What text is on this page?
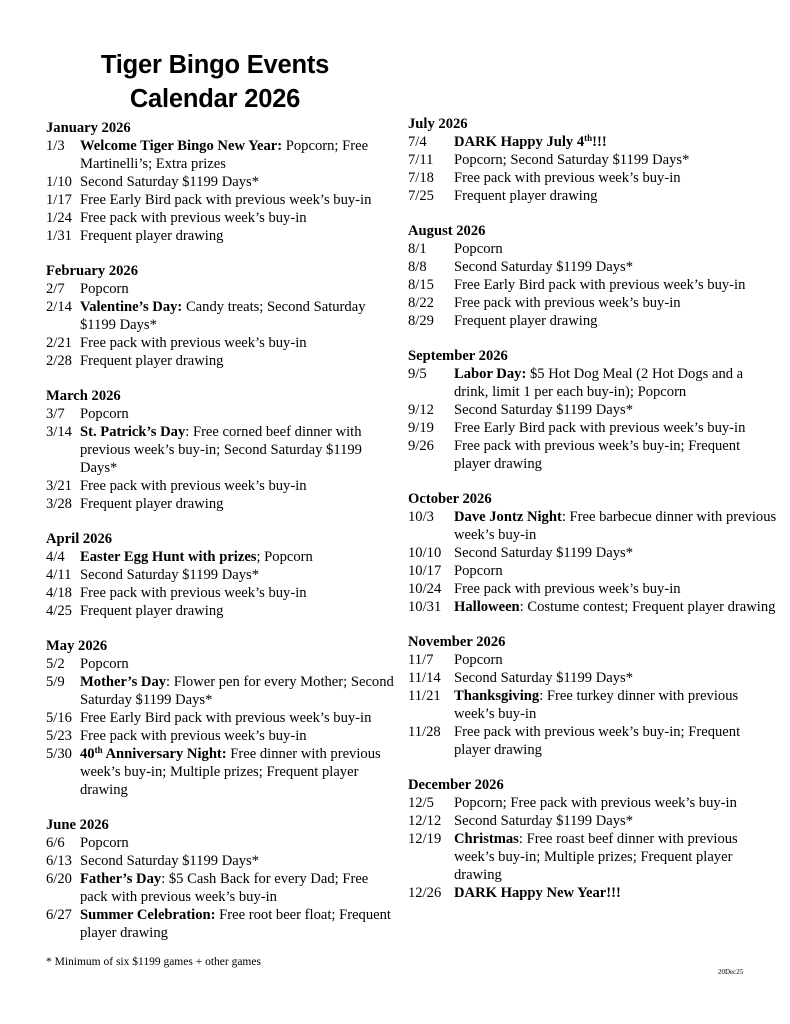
Tiger Bingo Events
Calendar 2026
January 2026
1/3	Welcome Tiger Bingo New Year: Popcorn; Free Martinelli’s; Extra prizes
1/10 Second Saturday $1199 Days*
1/17 Free Early Bird pack with previous week’s buy-in
1/24 Free pack with previous week’s buy-in
1/31 Frequent player drawing
February 2026
2/7	Popcorn
2/14 Valentine’s Day: Candy treats; Second Saturday $1199 Days*
2/21 Free pack with previous week’s buy-in
2/28 Frequent player drawing
March 2026
3/7	Popcorn
3/14 St. Patrick’s Day: Free corned beef dinner with previous week’s buy-in; Second Saturday $1199 Days*
3/21 Free pack with previous week’s buy-in
3/28 Frequent player drawing
April 2026
4/4	Easter Egg Hunt with prizes; Popcorn
4/11 Second Saturday $1199 Days*
4/18 Free pack with previous week’s buy-in
4/25 Frequent player drawing
May 2026
5/2	Popcorn
5/9	Mother’s Day: Flower pen for every Mother; Second Saturday $1199 Days*
5/16 Free Early Bird pack with previous week’s buy-in
5/23 Free pack with previous week’s buy-in
5/30 40th Anniversary Night: Free dinner with previous week’s buy-in; Multiple prizes; Frequent player drawing
June 2026
6/6	Popcorn
6/13 Second Saturday $1199 Days*
6/20 Father’s Day: $5 Cash Back for every Dad; Free pack with previous week’s buy-in
6/27 Summer Celebration: Free root beer float; Frequent player drawing
July 2026
7/4	DARK Happy July 4th!!!
7/11	Popcorn; Second Saturday $1199 Days*
7/18	Free pack with previous week’s buy-in
7/25	Frequent player drawing
August 2026
8/1	Popcorn
8/8	Second Saturday $1199 Days*
8/15	Free Early Bird pack with previous week’s buy-in
8/22	Free pack with previous week’s buy-in
8/29	Frequent player drawing
September 2026
9/5	Labor Day: $5 Hot Dog Meal (2 Hot Dogs and a drink, limit 1 per each buy-in); Popcorn
9/12	Second Saturday $1199 Days*
9/19	Free Early Bird pack with previous week’s buy-in
9/26	Free pack with previous week’s buy-in; Frequent player drawing
October 2026
10/3	Dave Jontz Night: Free barbecue dinner with previous week’s buy-in
10/10 Second Saturday $1199 Days*
10/17 Popcorn
10/24 Free pack with previous week’s buy-in
10/31 Halloween: Costume contest; Frequent player drawing
November 2026
11/7	Popcorn
11/14 Second Saturday $1199 Days*
11/21 Thanksgiving: Free turkey dinner with previous week’s buy-in
11/28 Free pack with previous week’s buy-in; Frequent player drawing
December 2026
12/5	Popcorn; Free pack with previous week’s buy-in
12/12 Second Saturday $1199 Days*
12/19 Christmas: Free roast beef dinner with previous week’s buy-in; Multiple prizes; Frequent player drawing
12/26 DARK Happy New Year!!!
* Minimum of six $1199 games + other games
20Dec25
